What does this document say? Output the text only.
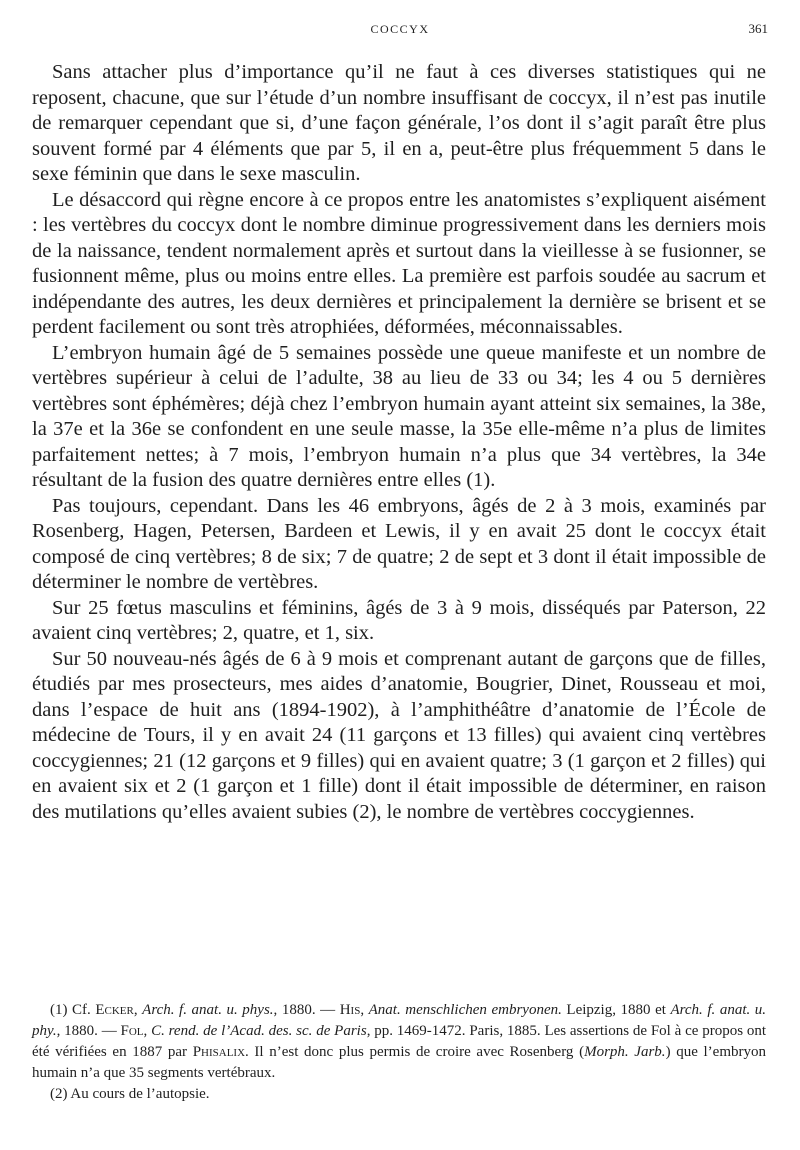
COCCYX	361

Sans attacher plus d’importance qu’il ne faut à ces diverses statistiques qui ne reposent, chacune, que sur l’étude d’un nombre insuffisant de coccyx, il n’est pas inutile de remarquer cependant que si, d’une façon générale, l’os dont il s’agit paraît être plus souvent formé par 4 éléments que par 5, il en a, peut-être plus fréquemment 5 dans le sexe féminin que dans le sexe masculin.

Le désaccord qui règne encore à ce propos entre les anatomistes s’expliquent aisément : les vertèbres du coccyx dont le nombre diminue progressivement dans les derniers mois de la naissance, tendent normalement après et surtout dans la vieillesse à se fusionner, se fusionnent même, plus ou moins entre elles. La première est parfois soudée au sacrum et indépendante des autres, les deux dernières et principalement la dernière se brisent et se perdent facilement ou sont très atrophiées, déformées, méconnaissables.

L’embryon humain âgé de 5 semaines possède une queue manifeste et un nombre de vertèbres supérieur à celui de l’adulte, 38 au lieu de 33 ou 34; les 4 ou 5 dernières vertèbres sont éphémères; déjà chez l’embryon humain ayant atteint six semaines, la 38e, la 37e et la 36e se confondent en une seule masse, la 35e elle-même n’a plus de limites parfaitement nettes; à 7 mois, l’embryon humain n’a plus que 34 vertèbres, la 34e résultant de la fusion des quatre dernières entre elles (1).

Pas toujours, cependant. Dans les 46 embryons, âgés de 2 à 3 mois, examinés par Rosenberg, Hagen, Petersen, Bardeen et Lewis, il y en avait 25 dont le coccyx était composé de cinq vertèbres; 8 de six; 7 de quatre; 2 de sept et 3 dont il était impossible de déterminer le nombre de vertèbres.

Sur 25 fœtus masculins et féminins, âgés de 3 à 9 mois, disséqués par Paterson, 22 avaient cinq vertèbres; 2, quatre, et 1, six.

Sur 50 nouveau-nés âgés de 6 à 9 mois et comprenant autant de garçons que de filles, étudiés par mes prosecteurs, mes aides d’anatomie, Bougrier, Dinet, Rousseau et moi, dans l’espace de huit ans (1894-1902), à l’amphithéâtre d’anatomie de l’École de médecine de Tours, il y en avait 24 (11 garçons et 13 filles) qui avaient cinq vertèbres coccygiennes; 21 (12 garçons et 9 filles) qui en avaient quatre; 3 (1 garçon et 2 filles) qui en avaient six et 2 (1 garçon et 1 fille) dont il était impossible de déterminer, en raison des mutilations qu’elles avaient subies (2), le nombre de vertèbres coccygiennes.

(1) Cf. Ecker, Arch. f. anat. u. phys., 1880. — His, Anat. menschlichen embryonen. Leipzig, 1880 et Arch. f. anat. u. phy., 1880. — Fol, C. rend. de l’Acad. des. sc. de Paris, pp. 1469-1472. Paris, 1885. Les assertions de Fol à ce propos ont été vérifiées en 1887 par Phisalix. Il n’est donc plus permis de croire avec Rosenberg (Morph. Jarb.) que l’embryon humain n’a que 35 segments vertébraux.

(2) Au cours de l’autopsie.
